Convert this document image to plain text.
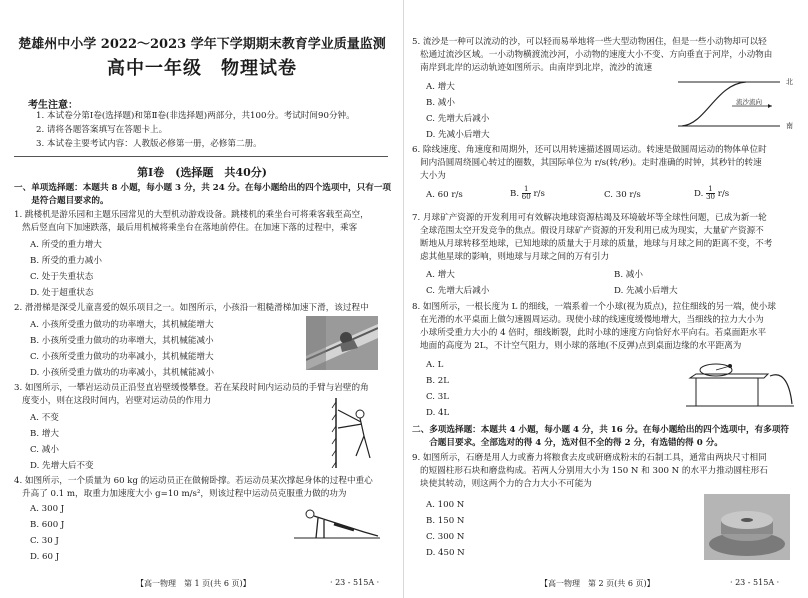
楚雄州中小学 2022～2023 学年下学期期末教育学业质量监测
高中一年级　物理试卷
考生注意：
1. 本试卷分第Ⅰ卷(选择题)和第Ⅱ卷(非选择题)两部分，共100分。考试时间90分钟。
2. 请将各题答案填写在答题卡上。
3. 本试卷主要考试内容：人教版必修第一册，必修第二册。
第Ⅰ卷　(选择题　共40分)
一、单项选择题：本题共 8 小题，每小题 3 分，共 24 分。在每小题给出的四个选项中，只有一项
　　是符合题目要求的。
1. 跳楼机是游乐园和主题乐园常见的大型机动游戏设备。跳楼机的乘坐台可将乘客载至高空，
然后竖直向下加速跌落，最后用机械将乘坐台在落地前停住。在加速下落的过程中，乘客
A. 所受的重力增大
B. 所受的重力减小
C. 处于失重状态
D. 处于超重状态
2. 滑滑梯是深受儿童喜爱的娱乐项目之一。如图所示，小孩沿一粗糙滑梯加速下滑，该过程中
A. 小孩所受重力做功的功率增大，其机械能增大
B. 小孩所受重力做功的功率增大，其机械能减小
C. 小孩所受重力做功的功率减小，其机械能增大
D. 小孩所受重力做功的功率减小，其机械能减小
3. 如图所示，一攀岩运动员正沿竖直岩壁缓慢攀登。若在某段时间内运动员的手臂与岩壁的角
度变小，则在这段时间内，岩壁对运动员的作用力
A. 不变
B. 增大
C. 减小
D. 先增大后不变
4. 如图所示，一个质量为 60 kg 的运动员正在做俯卧撑。若运动员某次撑起身体的过程中重心
升高了 0.1 m，取重力加速度大小 g=10 m/s²，则该过程中运动员克服重力做的功为
A. 300 J
B. 600 J
C. 30 J
D. 60 J
【高一物理　第 1 页(共 6 页)】	· 23 - 515A ·
5. 流沙是一种可以流动的沙，可以轻而易举地将一些大型动物困住，但是一些小动物却可以轻
松通过流沙区域。一小动物横渡流沙河，小动物的速度大小不变、方向垂直于河岸，小动物由
南岸到北岸的运动轨迹如图所示。由南岸到北岸，流沙的流速
A. 增大
B. 减小
C. 先增大后减小
D. 先减小后增大
北
南
流沙流向
6. 除线速度、角速度和周期外，还可以用转速描述圆周运动。转速是做圆周运动的物体单位时
间内沿圆周绕圆心转过的圈数，其国际单位为 r/s(转/秒)。走时准确的时钟，其秒针的转速
大小为
A. 60 r/s	B. $\frac{1}{60} r/s$	C. 30 r/s	D. $\frac{1}{30} r/s$
7. 月球矿产资源的开发利用可有效解决地球资源枯竭及环境破坏等全球性问题，已成为新一轮
全球范围太空开发竞争的焦点。假设月球矿产资源的开发利用已成为现实，大量矿产资源不
断地从月球转移至地球，已知地球的质量大于月球的质量，地球与月球之间的距离不变，不考
虑其他星球的影响，则地球与月球之间的万有引力
A. 增大	B. 减小
C. 先增大后减小	D. 先减小后增大
8. 如图所示，一根长度为 L 的细线，一端系着一个小球(视为质点)，拉住细线的另一端，使小球
在光滑的水平桌面上做匀速圆周运动。现使小球的线速度缓慢地增大，当细线的拉力大小为
小球所受重力大小的 4 倍时，细线断裂，此时小球的速度方向恰好水平向右。若桌面距水平
地面的高度为 2L，不计空气阻力，则小球的落地(不反弹)点到桌面边缘的水平距离为
A. L
B. 2L
C. 3L
D. 4L
二、多项选择题：本题共 4 小题，每小题 4 分，共 16 分。在每小题给出的四个选项中，有多项符
　　合题目要求。全部选对的得 4 分，选对但不全的得 2 分，有选错的得 0 分。
9. 如图所示，石磨是用人力或畜力将粮食去皮或研磨成粉末的石制工具，通常由两块尺寸相同
的短圆柱形石块和磨盘构成。若两人分别用大小为 150 N 和 300 N 的水平力推动圆柱形石
块使其转动，则这两个力的合力大小不可能为
A. 100 N
B. 150 N
C. 300 N
D. 450 N
【高一物理　第 2 页(共 6 页)】	· 23 - 515A ·
